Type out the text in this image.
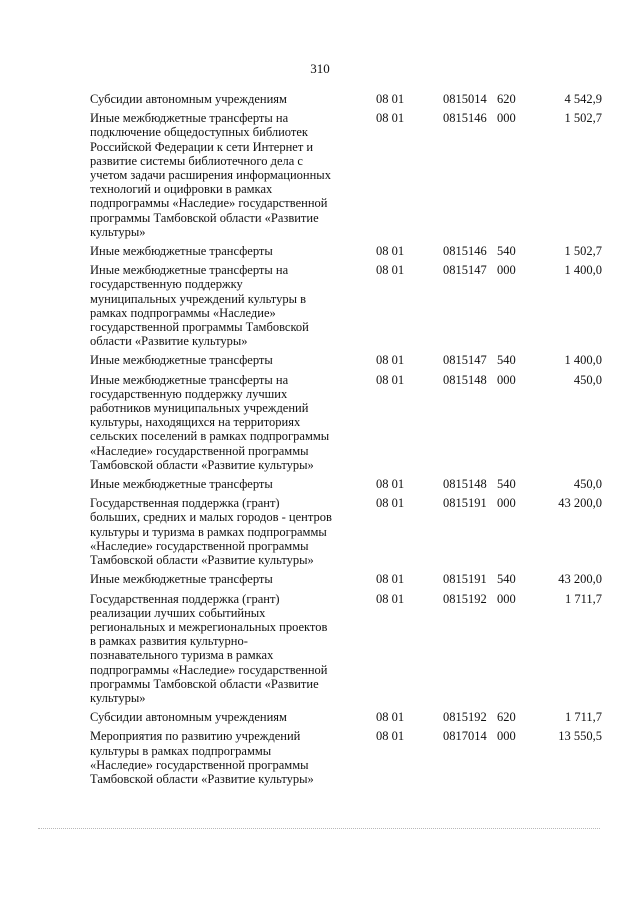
310
Субсидии автономным учреждениям	08 01	0815014 620	4 542,9
Иные межбюджетные трансферты на
подключение общедоступных библиотек
Российской Федерации к сети Интернет и
развитие системы библиотечного дела с
учетом задачи расширения информационных
технологий и оцифровки в рамках
подпрограммы «Наследие» государственной
программы Тамбовской области «Развитие
культуры»
08 01	0815146 000	1 502,7
Иные межбюджетные трансферты	08 01	0815146 540	1 502,7
Иные межбюджетные трансферты на
государственную поддержку
муниципальных учреждений культуры в
рамках подпрограммы «Наследие»
государственной программы Тамбовской
области «Развитие культуры»
08 01	0815147 000	1 400,0
Иные межбюджетные трансферты	08 01	0815147 540	1 400,0
Иные межбюджетные трансферты на
государственную поддержку лучших
работников муниципальных учреждений
культуры, находящихся на территориях
сельских поселений в рамках подпрограммы
«Наследие» государственной программы
Тамбовской области «Развитие культуры»
08 01	0815148 000	450,0
Иные межбюджетные трансферты	08 01	0815148 540	450,0
Государственная поддержка (грант)
больших, средних и малых городов - центров
культуры и туризма в рамках подпрограммы
«Наследие» государственной программы
Тамбовской области «Развитие культуры»
08 01	0815191 000	43 200,0
Иные межбюджетные трансферты	08 01	0815191 540	43 200,0
Государственная поддержка (грант)
реализации лучших событийных
региональных и межрегиональных проектов
в рамках развития культурно-
познавательного туризма в рамках
подпрограммы «Наследие» государственной
программы Тамбовской области «Развитие
культуры»
08 01	0815192 000	1 711,7
Субсидии автономным учреждениям	08 01	0815192 620	1 711,7
Мероприятия по развитию учреждений
культуры в рамках подпрограммы
«Наследие» государственной программы
Тамбовской области «Развитие культуры»
08 01	0817014 000	13 550,5
